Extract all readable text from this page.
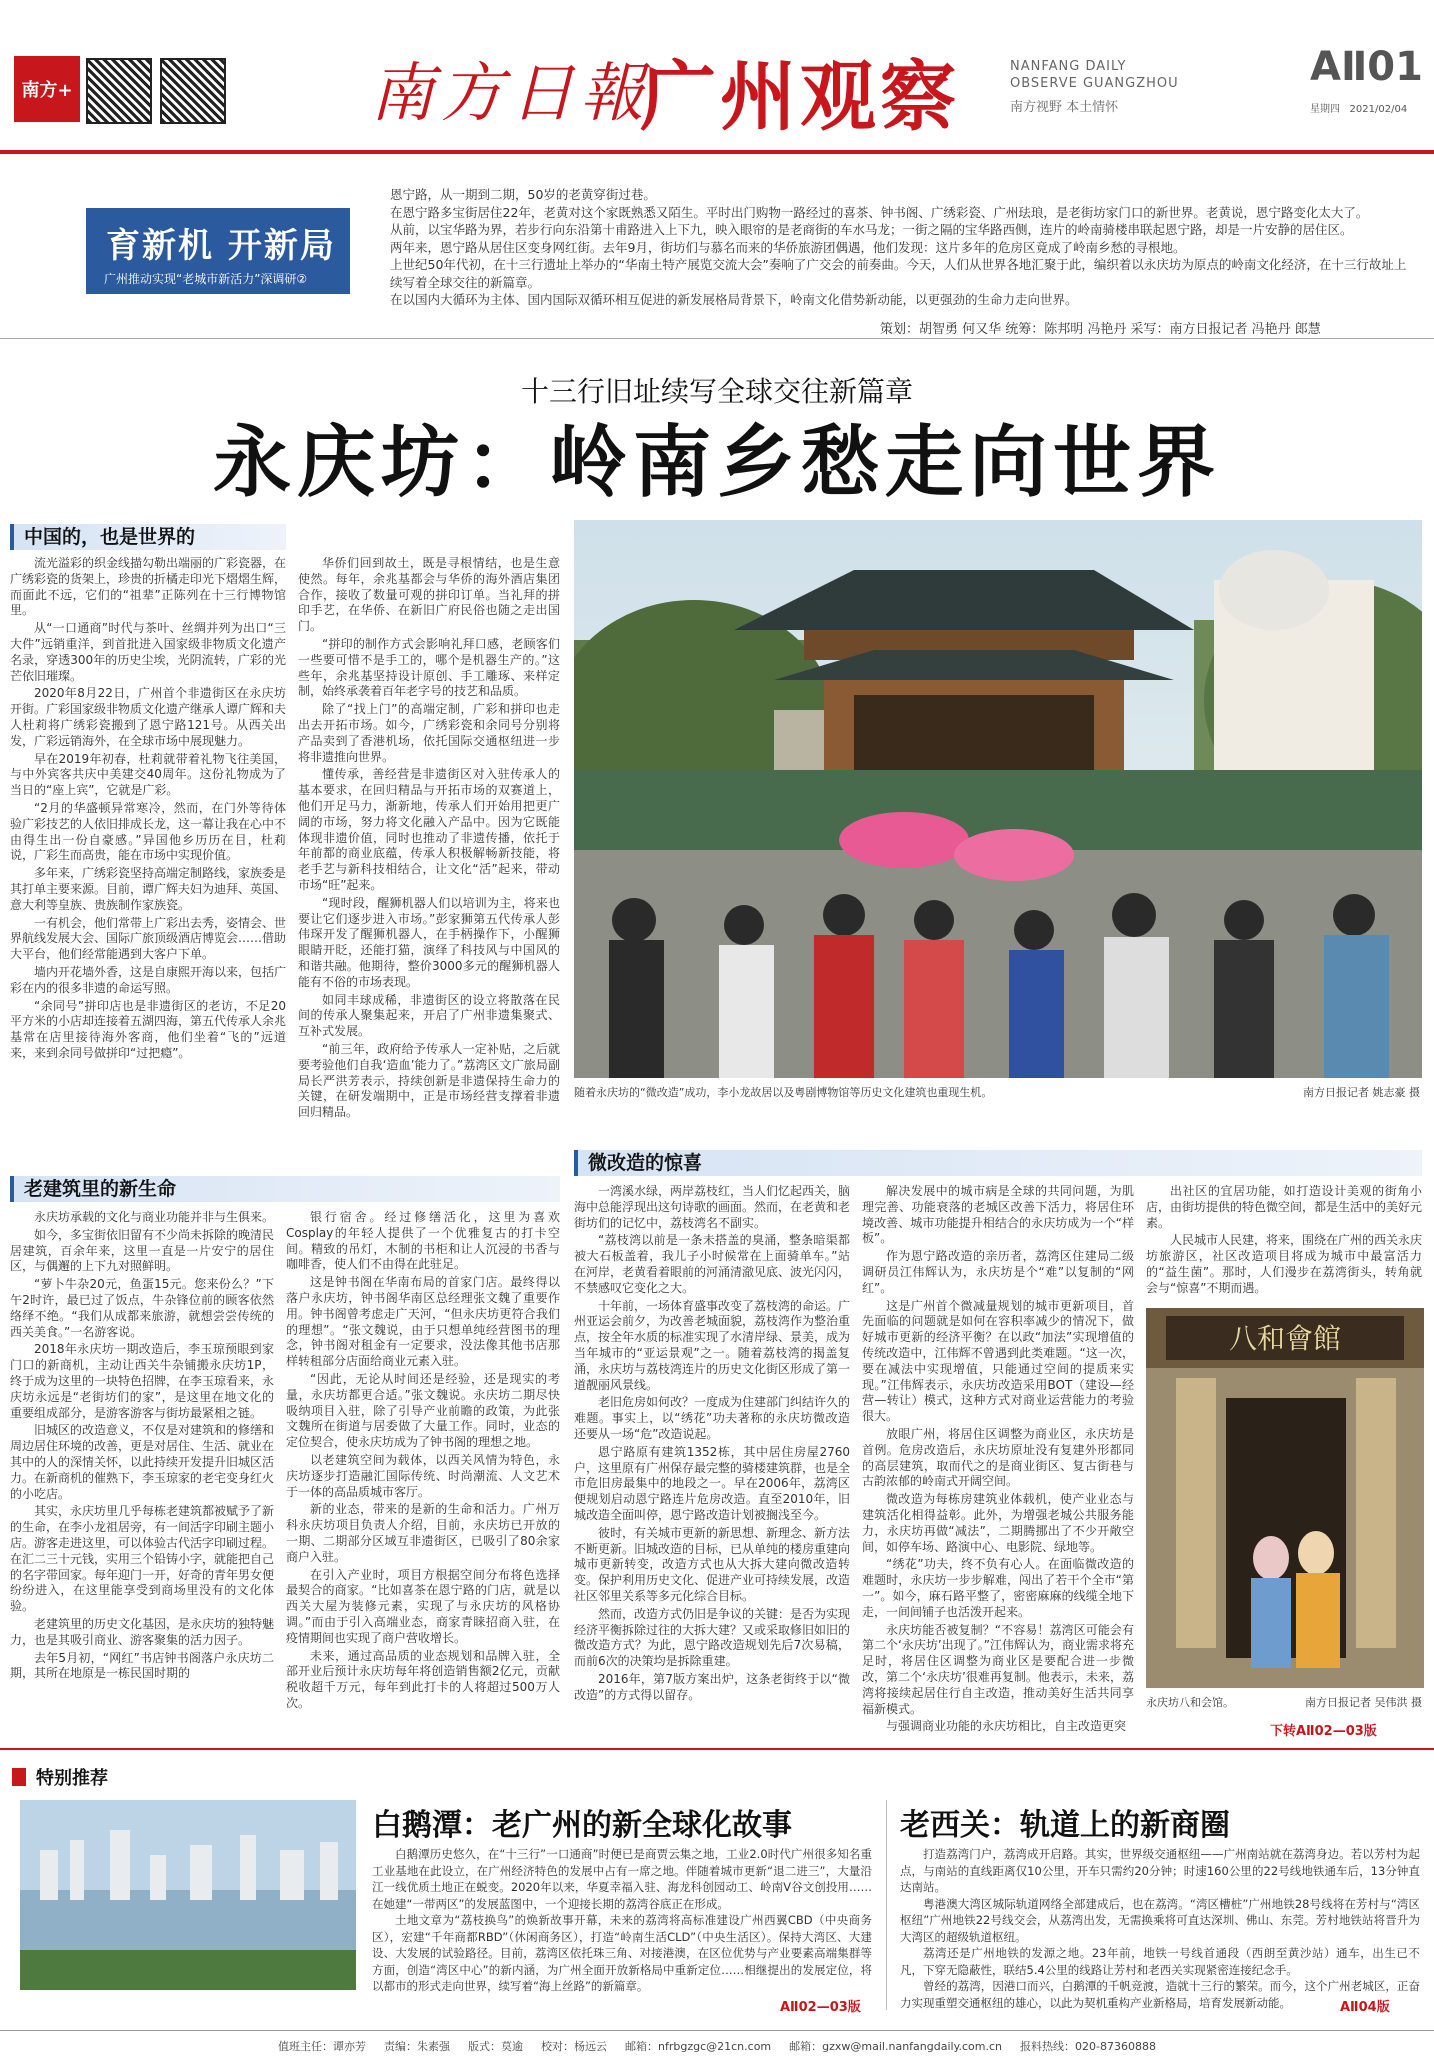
南方+	南方日報
广州观察	NANFANG DAILY
OBSERVE GUANGZHOU
南方视野 本土情怀
AⅡ01
星期四 2021/02/04
育新机 开新局
广州推动实现“老城市新活力”深调研②

恩宁路，从一期到二期，50岁的老黄穿街过巷。

在恩宁路多宝街居住22年，老黄对这个家既熟悉又陌生。平时出门购物一路经过的喜茶、钟书阁、广绣彩瓷、广州珐琅，是老街坊家门口的新世界。老黄说，恩宁路变化太大了。

从前，以宝华路为界，若步行向东沿第十甫路进入上下九，映入眼帘的是老商街的车水马龙；一街之隔的宝华路西侧，连片的岭南骑楼串联起恩宁路，却是一片安静的居住区。

两年来，恩宁路从居住区变身网红街。去年9月，街坊们与慕名而来的华侨旅游团偶遇，他们发现：这片多年的危房区竟成了岭南乡愁的寻根地。

上世纪50年代初，在十三行遗址上举办的“华南土特产展览交流大会”奏响了广交会的前奏曲。今天，人们从世界各地汇聚于此，编织着以永庆坊为原点的岭南文化经济，在十三行故址上续写着全球交往的新篇章。

在以国内大循环为主体、国内国际双循环相互促进的新发展格局背景下，岭南文化借势新动能，以更强劲的生命力走向世界。

策划：胡智勇 何又华 统筹：陈邦明 冯艳丹 采写：南方日报记者 冯艳丹 郎慧
十三行旧址续写全球交往新篇章
永庆坊：岭南乡愁走向世界
中国的，也是世界的

流光溢彩的织金线描勾勒出端丽的广彩瓷器，在广绣彩瓷的货架上，珍贵的折橘走印光下熠熠生辉，而面此不远，它们的“祖辈”正陈列在十三行博物馆里。

从“一口通商”时代与茶叶、丝绸并列为出口“三大件”远销重洋，到首批进入国家级非物质文化遗产名录，穿透300年的历史尘埃，光阴流转，广彩的光芒依旧璀璨。

2020年8月22日，广州首个非遗街区在永庆坊开街。广彩国家级非物质文化遗产继承人谭广辉和夫人杜莉将广绣彩瓷搬到了恩宁路121号。从西关出发，广彩远销海外，在全球市场中展现魅力。

早在2019年初春，杜莉就带着礼物飞往美国，与中外宾客共庆中美建交40周年。这份礼物成为了当日的“座上宾”，它就是广彩。

“2月的华盛顿异常寒冷，然而，在门外等待体验广彩技艺的人依旧排成长龙，这一幕让我在心中不由得生出一份自豪感。”异国他乡历历在目，杜莉说，广彩生而高贵，能在市场中实现价值。

多年来，广绣彩瓷坚持高端定制路线，家族委是其打单主要来源。目前，谭广辉夫妇为迪拜、英国、意大利等皇族、贵族制作家族瓷。

一有机会，他们常带上广彩出去秀，姿情会、世界航线发展大会、国际广旅顶级酒店博览会……借助大平台，他们经常能遇到大客户下单。

墙内开花墙外香，这是自康熙开海以来，包括广彩在内的很多非遗的命运写照。

“余同号”拼印店也是非遗街区的老访，不足20平方米的小店却连接着五湖四海，第五代传承人余兆基常在店里接待海外客商，他们坐着“飞的”远道来，来到余同号做拼印“过把瘾”。

华侨们回到故土，既是寻根情结，也是生意使然。每年，余兆基都会与华侨的海外酒店集团合作，接收了数量可观的拼印订单。当礼拜的拼印手艺，在华侨、在新旧广府民俗也随之走出国门。

“拼印的制作方式会影响礼拜口感，老顾客们一些要可惜不是手工的，哪个是机器生产的。”这些年，余兆基坚持设计原创、手工雕琢、来样定制，始终承袭着百年老字号的技艺和品质。

除了“找上门”的高端定制，广彩和拼印也走出去开拓市场。如今，广绣彩瓷和余同号分别将产品卖到了香港机场，依托国际交通枢纽进一步将非遗推向世界。

懂传承，善经营是非遗街区对入驻传承人的基本要求，在回归精品与开拓市场的双赛道上，他们开足马力，渐新地，传承人们开始用把更广阔的市场，努力将文化融入产品中。因为它既能体现非遗价值，同时也推动了非遗传播，依托于年前都的商业底蕴，传承人积极解畅新技能，将老手艺与新科技相结合，让文化“活”起来，带动市场“旺”起来。

“现时段，醒狮机器人们以培训为主，将来也要让它们逐步进入市场。”彭家狮第五代传承人彭伟琛开发了醒狮机器人，在手柄操作下，小醒狮眼睛开眨，还能打猫，演绎了科技风与中国风的和谐共融。他期待，整价3000多元的醒狮机器人能有不俗的市场表现。

如同丰球成稀，非遗街区的设立将散落在民间的传承人聚集起来，开启了广州非遗集聚式、互补式发展。

“前三年，政府给予传承人一定补贴，之后就要考验他们自我‘造血’能力了。”荔湾区文广旅局副局长严洪芳表示，持续创新是非遗保持生命力的关键，在研发端期中，正是市场经营支撑着非遗回归精品。

随着永庆坊的“微改造”成功，李小龙故居以及粤剧博物馆等历史文化建筑也重现生机。	南方日报记者 姚志豪 摄
老建筑里的新生命

永庆坊承载的文化与商业功能并非与生俱来。

如今，多宝街依旧留有不少尚未拆除的晚清民居建筑，百余年来，这里一直是一片安宁的居住区，与偶邂的上下九对照鲜明。

“萝卜牛杂20元，鱼蛋15元。您来份么？”下午2时许，最已过了饭点，牛杂锋位前的顾客依然络绎不绝。“我们从成都来旅游，就想尝尝传统的西关美食。”一名游客说。

2018年永庆坊一期改造后，李玉琼预眼到家门口的新商机，主动让西关牛杂铺搬永庆坊1P，终于成为这里的一块特色招牌，在李玉琼看来，永庆坊永远是“老街坊们的家”，是这里在地文化的重要组成部分，是游客游客与街坊最紧相之链。

旧城区的改造意义，不仅是对建筑和的修缮和周边居住环境的改善，更是对居住、生活、就业在其中的人的深情关怀，以此持续开发提升旧城区活力。在新商机的催熟下，李玉琼家的老宅变身红火的小吃店。

其实，永庆坊里几乎每栋老建筑都被赋予了新的生命，在李小龙祖居旁，有一间活字印刷主题小店。游客走进这里，可以体验古代活字印刷过程。在汇二三十元钱，实用三个铅铸小字，就能把自己的名字带回家。每年迎门一开，好奇的青年男女便纷纷进入，在这里能享受到商场里没有的文化体验。

老建筑里的历史文化基因，是永庆坊的独特魅力，也是其吸引商业、游客聚集的活力因子。

去年5月初，“网红”书店钟书阁落户永庆坊二期，其所在地原是一栋民国时期的

银行宿舍。经过修缮活化，这里为喜欢Cosplay的年轻人提供了一个优雅复古的打卡空间。精致的吊灯，木制的书柜和让人沉浸的书香与咖啡香，使人们不由得在此驻足。

这是钟书阁在华南布局的首家门店。最终得以落户永庆坊，钟书阁华南区总经理张文魏了重要作用。钟书阁曾考虑走广天河，“但永庆坊更符合我们的理想”。“张文魏说，由于只想单纯经营图书的理念，钟书阁对租金有一定要求，没法像其他书店那样转租部分店面给商业元素入驻。

“因此，无论从时间还是经验，还是现实的考量，永庆坊都更合适。”张文魏说。永庆坊二期尽快吸纳项目入驻，除了引导产业前瞻的政策，为此张文魏所在街道与居委做了大量工作。同时，业态的定位契合，使永庆坊成为了钟书阁的理想之地。

以老建筑空间为载体，以西关风情为特色，永庆坊逐步打造融汇国际传统、时尚潮流、人文艺术于一体的高品质城市客厅。

新的业态，带来的是新的生命和活力。广州万科永庆坊项目负责人介绍，目前，永庆坊已开放的一期、二期部分区域互非遗街区，已吸引了80余家商户入驻。

在引入产业时，项目方根据空间分布将色选择最契合的商家。“比如喜茶在恩宁路的门店，就是以西关大屋为装修元素，实现了与永庆坊的风格协调。”而由于引入高端业态，商家青睐招商入驻，在疫情期间也实现了商户营收增长。

未来，通过高品质的业态规划和品牌入驻，全部开业后预计永庆坊每年将创造销售额2亿元，贡献税收超千万元，每年到此打卡的人将超过500万人次。

微改造的惊喜

一湾溪水绿，两岸荔枝红，当人们忆起西关，脑海中总能浮现出这句诗歌的画面。然而，在老黄和老街坊们的记忆中，荔枝湾名不副实。

“荔枝湾以前是一条未搭盖的臭涌，整条暗渠都被大石板盖着，我儿子小时候常在上面骑单车。”站在河岸，老黄看着眼前的河涌清澈见底、波光闪闪，不禁感叹它变化之大。

十年前，一场体育盛事改变了荔枝湾的命运。广州亚运会前夕，为改善老城面貌，荔枝湾作为整治重点，按全年水质的标准实现了水清岸绿、景美，成为当年城市的“亚运景观”之一。随着荔枝湾的揭盖复涌，永庆坊与荔枝湾连片的历史文化街区形成了第一道靓丽风景线。

老旧危房如何改？一度成为住建部门纠结许久的难题。事实上，以“绣花”功夫著称的永庆坊微改造还要从一场“危”改造说起。

恩宁路原有建筑1352栋，其中居住房屋2760户，这里原有广州保存最完整的骑楼建筑群，也是全市危旧房最集中的地段之一。早在2006年，荔湾区便规划启动恩宁路连片危房改造。直至2010年，旧城改造全面叫停，恩宁路改造计划被搁浅至今。

彼时，有关城市更新的新思想、新理念、新方法不断更新。旧城改造的目标，已从单纯的楼房重建向城市更新转变，改造方式也从大拆大建向微改造转变。保护利用历史文化、促进产业可持续发展，改造社区邻里关系等多元化综合目标。

然而，改造方式仍旧是争议的关键：是否为实现经济平衡拆除过往的大拆大建？又或采取修旧如旧的微改造方式？为此，恩宁路改造规划先后7次易稿，而前6次的决策均是拆除重建。

2016年，第7版方案出炉，这条老街终于以“微改造”的方式得以留存。

解决发展中的城市病是全球的共同问题，为肌理完善、功能衰落的老城区改善下活力，将居住环境改善、城市功能提升相结合的永庆坊成为一个“样板”。

作为恩宁路改造的亲历者，荔湾区住建局二级调研员江伟辉认为，永庆坊是个“难”以复制的“网红”。

这是广州首个微减量规划的城市更新项目，首先面临的问题就是如何在容积率减少的情况下，做好城市更新的经济平衡？在以政“加法”实现增值的传统改造中，江伟辉不曾遇到此类难题。“这一次，要在减法中实现增值，只能通过空间的提质来实现。”江伟辉表示，永庆坊改造采用BOT（建设—经营—转让）模式，这种方式对商业运营能力的考验很大。

放眼广州，将居住区调整为商业区，永庆坊是首例。危房改造后，永庆坊原址没有复建外形都同的高层建筑，取而代之的是商业街区、复古街巷与古韵浓郁的岭南式开阔空间。

微改造为每栋房建筑业体载机，使产业业态与建筑活化相得益彰。此外，为增强老城公共服务能力，永庆坊再做“减法”，二期腾挪出了不少开敞空间，如停车场、路演中心、电影院、绿地等。

“绣花”功夫，终不负有心人。在面临微改造的难题时，永庆坊一步步解难，闯出了若干个全市“第一”。如今，麻石路平整了，密密麻麻的线缆全地下走，一间间铺子也活泼开起来。

永庆坊能否被复制？“不容易！荔湾区可能会有第二个‘永庆坊’出现了。”江伟辉认为，商业需求将充足时，将居住区调整为商业区是要配合进一步微改，第二个‘永庆坊’很难再复制。他表示，未来，荔湾将接续起居住行自主改造，推动美好生活共同享福新模式。

与强调商业功能的永庆坊相比，自主改造更突

出社区的宜居功能，如打造设计美观的街角小店，由街坊提供的特色微空间，都是生活中的美好元素。

人民城市人民建，将来，围绕在广州的西关永庆坊旅游区，社区改造项目将成为城市中最富活力的“益生菌”。那时，人们漫步在荔湾街头，转角就会与“惊喜”不期而遇。

八和會館
永庆坊八和会馆。	南方日报记者 吴伟洪 摄
下转AⅡ02—03版
特别推荐
白鹅潭：老广州的新全球化故事

白鹅潭历史悠久，在“十三行”一口通商”时便已是商贾云集之地，工业2.0时代广州很多知名重工业基地在此设立，在广州经济特色的发展中占有一席之地。伴随着城市更新“退二进三”，大量沿江一线优质土地正在蜕变。2020年以来，华夏幸福入驻、海龙科创园动工、岭南V谷文创投用……在她建“一带两区”的发展蓝图中，一个迎接长期的荔湾谷底正在形成。

土地文章为“荔枝换鸟”的焕新故事开幕，未来的荔湾将高标准建设广州西翼CBD（中央商务区），宏建“千年商都RBD”（休闲商务区），打造“岭南生活CLD”（中央生活区）。保持大湾区、大建设、大发展的试验路径。目前，荔湾区依托珠三角、对接港澳，在区位优势与产业要素高端集群等方面，创造“湾区中心”的新内涵，为广州全面开放新格局中重新定位……相继提出的发展定位，将以都市的形式走向世界，续写着“海上丝路”的新篇章。

AⅡ02—03版
老西关：轨道上的新商圈

打造荔湾门户，荔湾成开启路。其实，世界级交通枢纽——广州南站就在荔湾身边。若以芳村为起点，与南站的直线距离仅10公里，开车只需约20分钟；时速160公里的22号线地铁通车后，13分钟直达南站。

粤港澳大湾区城际轨道网络全部建成后，也在荔湾。“湾区槽桩”广州地铁28号线将在芳村与“湾区枢纽”广州地铁22号线交会，从荔湾出发，无需换乘将可直达深圳、佛山、东莞。芳村地铁站将晋升为大湾区的超级轨道枢纽。

荔湾还是广州地铁的发源之地。23年前，地铁一号线首通段（西朗至黄沙站）通车，出生已不凡，下穿无隐蔽性，联结5.4公里的线路让芳村和老西关实现紧密连接纪念手。

曾经的荔湾，因港口而兴，白鹅潭的千帆竞渡，造就十三行的繁荣。而今，这个广州老城区，正奋力实现重塑交通枢纽的雄心，以此为契机重构产业新格局，培育发展新动能。	AⅡ04版
值班主任：谭亦芳 责编：朱素强 版式：莫逾 校对：杨远云 邮箱：nfrbgzgc@21cn.com 邮箱：gzxw@mail.nanfangdaily.com.cn 报料热线：020-87360888
